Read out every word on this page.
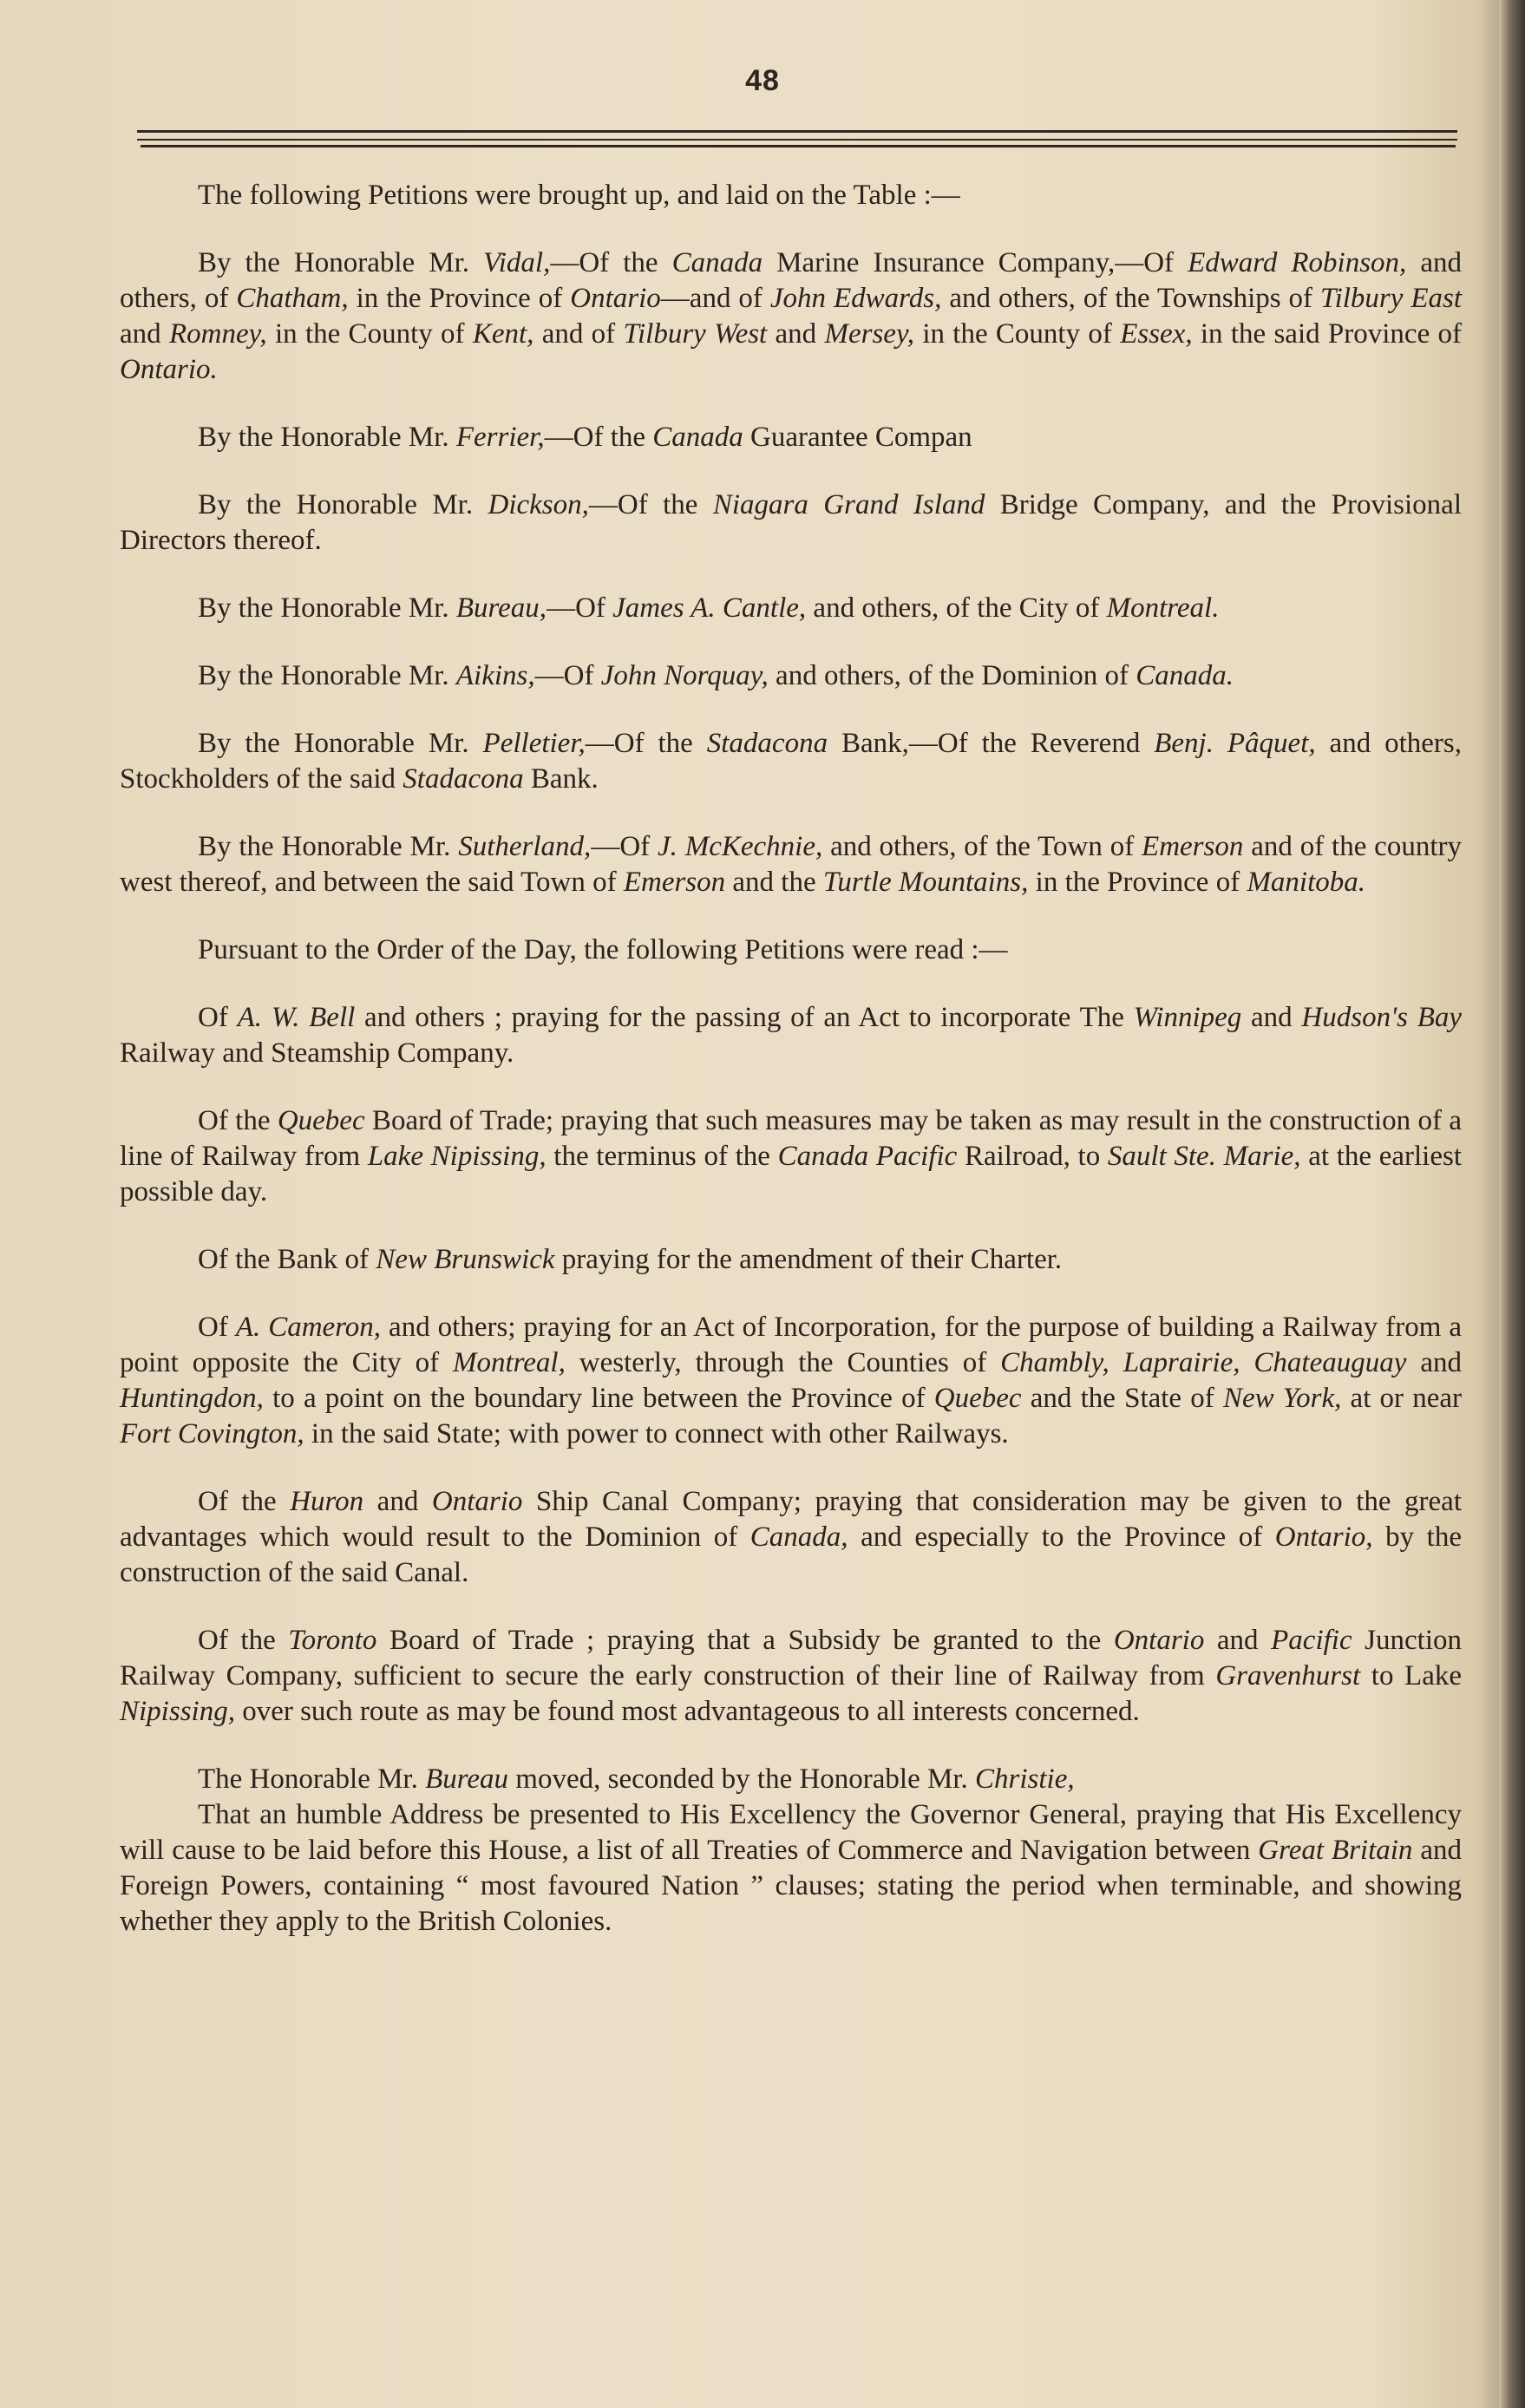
48

The following Petitions were brought up, and laid on the Table :—

By the Honorable Mr. Vidal,—Of the Canada Marine Insurance Company,—Of Edward Robinson, and others, of Chatham, in the Province of Ontario—and of John Edwards, and others, of the Townships of Tilbury East and Romney, in the County of Kent, and of Tilbury West and Mersey, in the County of Essex, in the said Province of Ontario.

By the Honorable Mr. Ferrier,—Of the Canada Guarantee Compan

By the Honorable Mr. Dickson,—Of the Niagara Grand Island Bridge Company, and the Provisional Directors thereof.

By the Honorable Mr. Bureau,—Of James A. Cantle, and others, of the City of Montreal.

By the Honorable Mr. Aikins,—Of John Norquay, and others, of the Dominion of Canada.

By the Honorable Mr. Pelletier,—Of the Stadacona Bank,—Of the Reverend Benj. Pâquet, and others, Stockholders of the said Stadacona Bank.

By the Honorable Mr. Sutherland,—Of J. McKechnie, and others, of the Town of Emerson and of the country west thereof, and between the said Town of Emerson and the Turtle Mountains, in the Province of Manitoba.

Pursuant to the Order of the Day, the following Petitions were read :—

Of A. W. Bell and others ; praying for the passing of an Act to incorporate The Winnipeg and Hudson's Bay Railway and Steamship Company.

Of the Quebec Board of Trade; praying that such measures may be taken as may result in the construction of a line of Railway from Lake Nipissing, the terminus of the Canada Pacific Railroad, to Sault Ste. Marie, at the earliest possible day.

Of the Bank of New Brunswick praying for the amendment of their Charter.

Of A. Cameron, and others; praying for an Act of Incorporation, for the purpose of building a Railway from a point opposite the City of Montreal, westerly, through the Counties of Chambly, Laprairie, Chateauguay and Huntingdon, to a point on the boundary line between the Province of Quebec and the State of New York, at or near Fort Covington, in the said State; with power to connect with other Railways.

Of the Huron and Ontario Ship Canal Company; praying that consideration may be given to the great advantages which would result to the Dominion of Canada, and especially to the Province of Ontario, by the construction of the said Canal.

Of the Toronto Board of Trade ; praying that a Subsidy be granted to the Ontario and Pacific Junction Railway Company, sufficient to secure the early construction of their line of Railway from Gravenhurst to Lake Nipissing, over such route as may be found most advantageous to all interests concerned.

The Honorable Mr. Bureau moved, seconded by the Honorable Mr. Christie,

That an humble Address be presented to His Excellency the Governor General, praying that His Excellency will cause to be laid before this House, a list of all Treaties of Commerce and Navigation between Great Britain and Foreign Powers, containing “ most favoured Nation ” clauses; stating the period when terminable, and showing whether they apply to the British Colonies.
